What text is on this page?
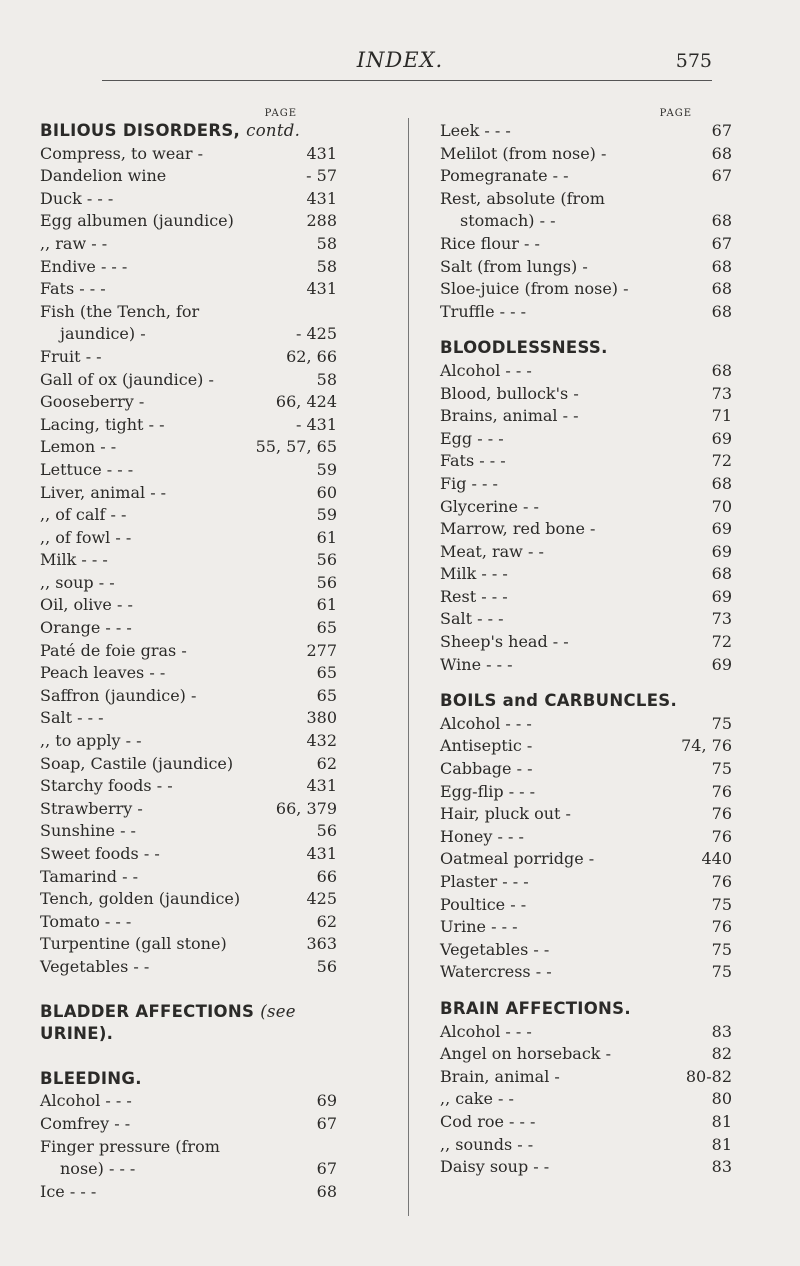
INDEX.	575
PAGE
BILIOUS DISORDERS, contd.
Compress, to wear -	431
Dandelion wine	- 57
Duck - - -	431
Egg albumen (jaundice)	288
,, raw - -	58
Endive - - -	58
Fats - - -	431
Fish (the Tench, for
jaundice) -	- 425
Fruit - -	62, 66
Gall of ox (jaundice) -	58
Gooseberry -	66, 424
Lacing, tight - -	- 431
Lemon - -	55, 57, 65
Lettuce - - -	59
Liver, animal - -	60
,, of calf - -	59
,, of fowl - -	61
Milk - - -	56
,, soup - -	56
Oil, olive - -	61
Orange - - -	65
Paté de foie gras -	277
Peach leaves - -	65
Saffron (jaundice) -	65
Salt - - -	380
,, to apply - -	432
Soap, Castile (jaundice)	62
Starchy foods - -	431
Strawberry -	66, 379
Sunshine - -	56
Sweet foods - -	431
Tamarind - -	66
Tench, golden (jaundice)	425
Tomato - - -	62
Turpentine (gall stone)	363
Vegetables - -	56
BLADDER AFFECTIONS (see
URINE).
BLEEDING.
Alcohol - - -	69
Comfrey - -	67
Finger pressure (from
nose) - - -	67
Ice - - -	68
PAGE
Leek - - -	67
Melilot (from nose) -	68
Pomegranate - -	67
Rest, absolute (from
stomach) - -	68
Rice flour - -	67
Salt (from lungs) -	68
Sloe-juice (from nose) -	68
Truffle - - -	68
BLOODLESSNESS.
Alcohol - - -	68
Blood, bullock's -	73
Brains, animal - -	71
Egg - - -	69
Fats - - -	72
Fig - - -	68
Glycerine - -	70
Marrow, red bone -	69
Meat, raw - -	69
Milk - - -	68
Rest - - -	69
Salt - - -	73
Sheep's head - -	72
Wine - - -	69
BOILS and CARBUNCLES.
Alcohol - - -	75
Antiseptic -	74, 76
Cabbage - -	75
Egg-flip - - -	76
Hair, pluck out -	76
Honey - - -	76
Oatmeal porridge -	440
Plaster - - -	76
Poultice - -	75
Urine - - -	76
Vegetables - -	75
Watercress - -	75
BRAIN AFFECTIONS.
Alcohol - - -	83
Angel on horseback -	82
Brain, animal -	80-82
,, cake - -	80
Cod roe - - -	81
,, sounds - -	81
Daisy soup - -	83
